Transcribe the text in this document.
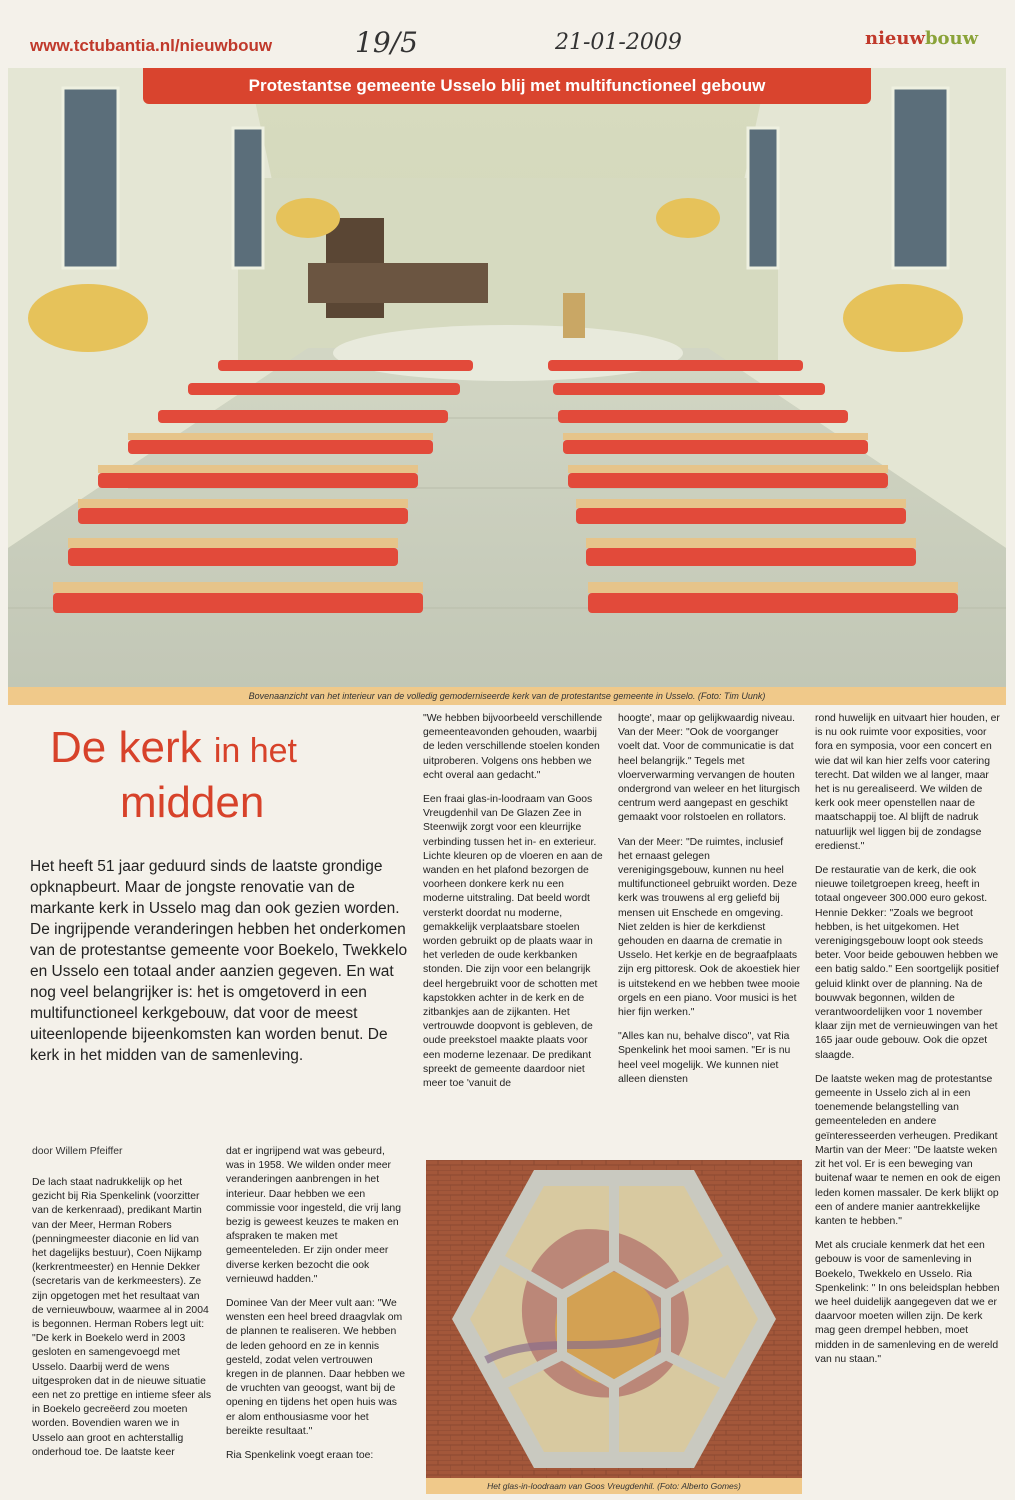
www.tctubantia.nl/nieuwbouw	19/5	21-01-2009	nieuwbouw
Protestantse gemeente Usselo blij met multifunctioneel gebouw
Bovenaanzicht van het interieur van de volledig gemoderniseerde kerk van de protestantse gemeente in Usselo. (Foto: Tim Uunk)
De kerk in het
midden
Het heeft 51 jaar geduurd sinds de laatste grondige opknapbeurt. Maar de jongste renovatie van de markante kerk in Usselo mag dan ook gezien worden. De ingrijpende veranderingen hebben het onderkomen van de protestantse gemeente voor Boekelo, Twekkelo en Usselo een totaal ander aanzien gegeven. En wat nog veel belangrijker is: het is omgetoverd in een multifunctioneel kerkgebouw, dat voor de meest uiteenlopende bijeenkomsten kan worden benut. De kerk in het midden van de samenleving.
door Willem Pfeiffer

De lach staat nadrukkelijk op het gezicht bij Ria Spenkelink (voorzitter van de kerkenraad), predikant Martin van der Meer, Herman Robers (penningmeester diaconie en lid van het dagelijks bestuur), Coen Nijkamp (kerkrentmeester) en Hennie Dekker (secretaris van de kerkmeesters). Ze zijn opgetogen met het resultaat van de vernieuwbouw, waarmee al in 2004 is begonnen. Herman Robers legt uit: "De kerk in Boekelo werd in 2003 gesloten en samengevoegd met Usselo. Daarbij werd de wens uitgesproken dat in de nieuwe situatie een net zo prettige en intieme sfeer als in Boekelo gecreëerd zou moeten worden. Bovendien waren we in Usselo aan groot en achterstallig onderhoud toe. De laatste keer

dat er ingrijpend wat was gebeurd, was in 1958. We wilden onder meer veranderingen aanbrengen in het interieur. Daar hebben we een commissie voor ingesteld, die vrij lang bezig is geweest keuzes te maken en afspraken te maken met gemeenteleden. Er zijn onder meer diverse kerken bezocht die ook vernieuwd hadden."

Dominee Van der Meer vult aan: "We wensten een heel breed draagvlak om de plannen te realiseren. We hebben de leden gehoord en ze in kennis gesteld, zodat velen vertrouwen kregen in de plannen. Daar hebben we de vruchten van geoogst, want bij de opening en tijdens het open huis was er alom enthousiasme voor het bereikte resultaat."

Ria Spenkelink voegt eraan toe:

"We hebben bijvoorbeeld verschillende gemeenteavonden gehouden, waarbij de leden verschillende stoelen konden uitproberen. Volgens ons hebben we echt overal aan gedacht."

Een fraai glas-in-loodraam van Goos Vreugdenhil van De Glazen Zee in Steenwijk zorgt voor een kleurrijke verbinding tussen het in- en exterieur. Lichte kleuren op de vloeren en aan de wanden en het plafond bezorgen de voorheen donkere kerk nu een moderne uitstraling. Dat beeld wordt versterkt doordat nu moderne, gemakkelijk verplaatsbare stoelen worden gebruikt op de plaats waar in het verleden de oude kerkbanken stonden. Die zijn voor een belangrijk deel hergebruikt voor de schotten met kapstokken achter in de kerk en de zitbankjes aan de zijkanten. Het vertrouwde doopvont is gebleven, de oude preekstoel maakte plaats voor een moderne lezenaar. De predikant spreekt de gemeente daardoor niet meer toe 'vanuit de

hoogte', maar op gelijkwaardig niveau. Van der Meer: "Ook de voorganger voelt dat. Voor de communicatie is dat heel belangrijk." Tegels met vloerverwarming vervangen de houten ondergrond van weleer en het liturgisch centrum werd aangepast en geschikt gemaakt voor rolstoelen en rollators.

Van der Meer: "De ruimtes, inclusief het ernaast gelegen verenigingsgebouw, kunnen nu heel multifunctioneel gebruikt worden. Deze kerk was trouwens al erg geliefd bij mensen uit Enschede en omgeving. Niet zelden is hier de kerkdienst gehouden en daarna de crematie in Usselo. Het kerkje en de begraafplaats zijn erg pittoresk. Ook de akoestiek hier is uitstekend en we hebben twee mooie orgels en een piano. Voor musici is het hier fijn werken."

"Alles kan nu, behalve disco", vat Ria Spenkelink het mooi samen. "Er is nu heel veel mogelijk. We kunnen niet alleen diensten

rond huwelijk en uitvaart hier houden, er is nu ook ruimte voor exposities, voor fora en symposia, voor een concert en wie dat wil kan hier zelfs voor catering terecht. Dat wilden we al langer, maar het is nu gerealiseerd. We wilden de kerk ook meer openstellen naar de maatschappij toe. Al blijft de nadruk natuurlijk wel liggen bij de zondagse eredienst."

De restauratie van de kerk, die ook nieuwe toiletgroepen kreeg, heeft in totaal ongeveer 300.000 euro gekost. Hennie Dekker: "Zoals we begroot hebben, is het uitgekomen. Het verenigingsgebouw loopt ook steeds beter. Voor beide gebouwen hebben we een batig saldo." Een soortgelijk positief geluid klinkt over de planning. Na de bouwvak begonnen, wilden de verantwoordelijken voor 1 november klaar zijn met de vernieuwingen van het 165 jaar oude gebouw. Ook die opzet slaagde.

De laatste weken mag de protestantse gemeente in Usselo zich al in een toenemende belangstelling van gemeenteleden en andere geïnteresseerden verheugen. Predikant Martin van der Meer: "De laatste weken zit het vol. Er is een beweging van buitenaf waar te nemen en ook de eigen leden komen massaler. De kerk blijkt op een of andere manier aantrekkelijke kanten te hebben."

Met als cruciale kenmerk dat het een gebouw is voor de samenleving in Boekelo, Twekkelo en Usselo. Ria Spenkelink: " In ons beleidsplan hebben we heel duidelijk aangegeven dat we er daarvoor moeten willen zijn. De kerk mag geen drempel hebben, moet midden in de samenleving en de wereld van nu staan."

Het glas-in-loodraam van Goos Vreugdenhil. (Foto: Alberto Gomes)
